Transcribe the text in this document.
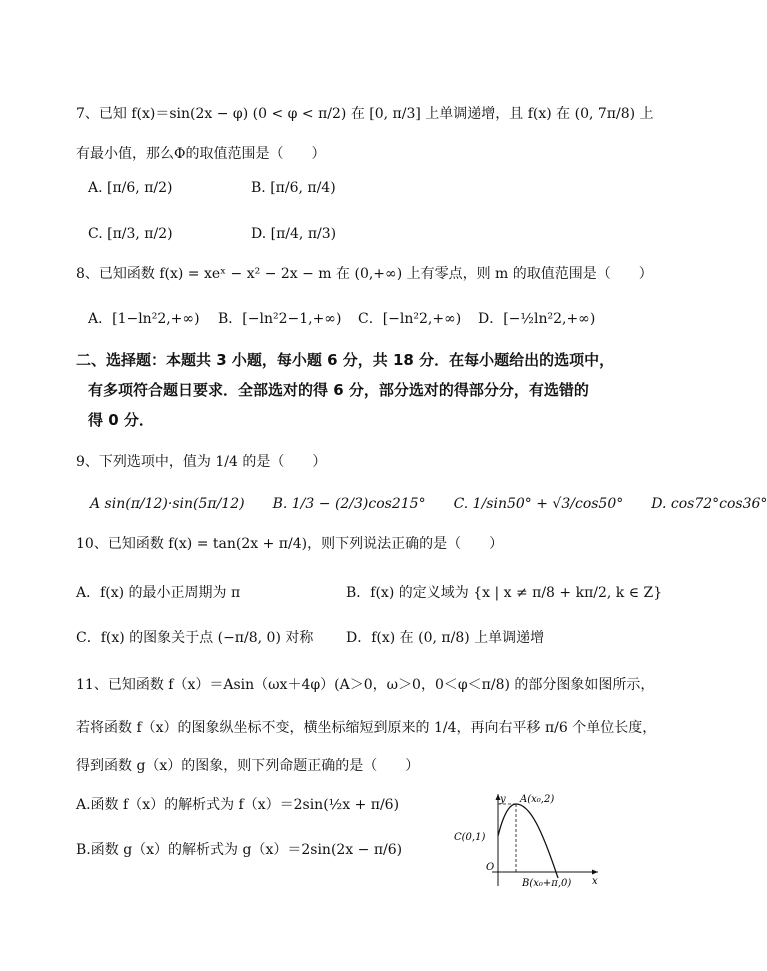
7、已知 f(x)＝sin(2x − φ) (0 < φ < π/2) 在 [0, π/3] 上单调递增，且 f(x) 在 (0, 7π/8) 上
有最小值，那么Φ的取值范围是（　　）
A. [π/6, π/2)	B. [π/6, π/4)
C. [π/3, π/2)	D. [π/4, π/3)
8、已知函数 f(x) = xeˣ − x² − 2x − m 在 (0,+∞) 上有零点，则 m 的取值范围是（　　）
A．[1−ln²2,+∞) B．[−ln²2−1,+∞) C．[−ln²2,+∞) D．[−½ln²2,+∞)
二、选择题：本题共 3 小题，每小题 6 分，共 18 分．在每小题给出的选项中，
有多项符合题日要求．全部选对的得 6 分，部分选对的得部分分，有选错的
得 0 分．
9、下列选项中，值为 1/4 的是（　　）
A sin(π/12)·sin(5π/12)　　B. 1/3 − (2/3)cos215°　　C. 1/sin50° + √3/cos50°　　D. cos72°cos36°
10、已知函数 f(x) = tan(2x + π/4)，则下列说法正确的是（　　）
A．f(x) 的最小正周期为 π	B．f(x) 的定义域为 {x | x ≠ π/8 + kπ/2, k ∈ Z}
C．f(x) 的图象关于点 (−π/8, 0) 对称 D．f(x) 在 (0, π/8) 上单调递增
11、已知函数 f（x）＝Asin（ωx＋4φ）(A＞0，ω＞0，0＜φ＜π/8) 的部分图象如图所示，
若将函数 f（x）的图象纵坐标不变，横坐标缩短到原来的 1/4，再向右平移 π/6 个单位长度，
得到函数 g（x）的图象，则下列命题正确的是（　　）
A.函数 f（x）的解析式为 f（x）＝2sin(½x + π/6)
B.函数 g（x）的解析式为 g（x）＝2sin(2x − π/6)
y
x
O
A(x₀,2)
B(x₀+π,0)
C(0,1)
